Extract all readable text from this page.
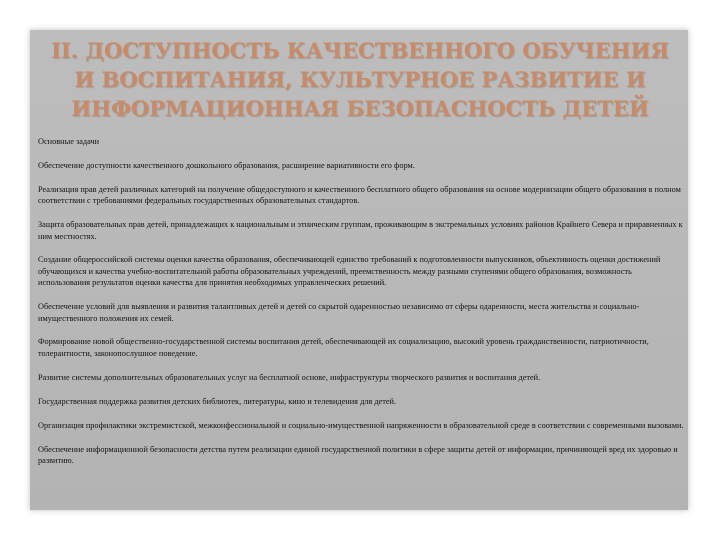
II. ДОСТУПНОСТЬ КАЧЕСТВЕННОГО ОБУЧЕНИЯ И ВОСПИТАНИЯ, КУЛЬТУРНОЕ РАЗВИТИЕ И ИНФОРМАЦИОННАЯ БЕЗОПАСНОСТЬ ДЕТЕЙ

Основные задачи

Обеспечение доступности качественного дошкольного образования, расширение вариативности его форм.

Реализация прав детей различных категорий на получение общедоступного и качественного бесплатного общего образования на основе модернизации общего образования в полном соответствии с требованиями федеральных государственных образовательных стандартов.

Защита образовательных прав детей, принадлежащих к национальным и этническим группам, проживающим в экстремальных условиях районов Крайнего Севера и приравненных к ним местностях.

Создание общероссийской системы оценки качества образования, обеспечивающей единство требований к подготовленности выпускников, объективность оценки достижений обучающихся и качества учебно-воспитательной работы образовательных учреждений, преемственность между разными ступенями общего образования, возможность использования результатов оценки качества для принятия необходимых управленческих решений.

Обеспечение условий для выявления и развития талантливых детей и детей со скрытой одаренностью независимо от сферы одаренности, места жительства и социально-имущественного положения их семей.

Формирование новой общественно-государственной системы воспитания детей, обеспечивающей их социализацию, высокий уровень гражданственности, патриотичности, толерантности, законопослушное поведение.

Развитие системы дополнительных образовательных услуг на бесплатной основе, инфраструктуры творческого развития и воспитания детей.

Государственная поддержка развития детских библиотек, литературы, кино и телевидения для детей.

Организация профилактики экстремистской, межконфессиональной и социально-имущественной напряженности в образовательной среде в соответствии с современными вызовами.

Обеспечение информационной безопасности детства путем реализации единой государственной политики в сфере защиты детей от информации, причиняющей вред их здоровью и развитию.
